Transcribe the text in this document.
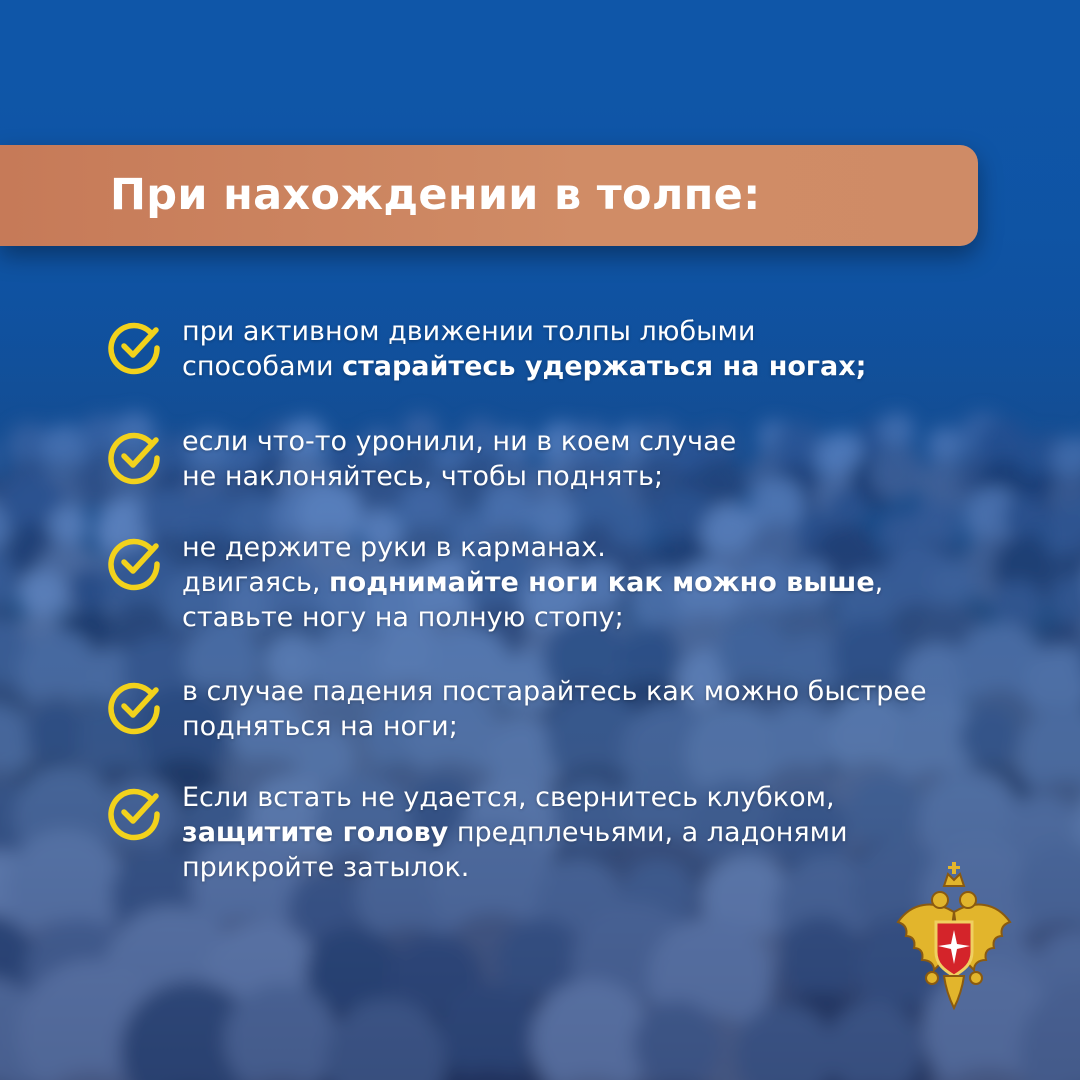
При нахождении в толпе:
при активном движении толпы любыми
способами старайтесь удержаться на ногах;
если что-то уронили, ни в коем случае
не наклоняйтесь, чтобы поднять;
не держите руки в карманах.
двигаясь, поднимайте ноги как можно выше,
ставьте ногу на полную стопу;
в случае падения постарайтесь как можно быстрее
подняться на ноги;
Если встать не удается, свернитесь клубком,
защитите голову предплечьями, а ладонями
прикройте затылок.
